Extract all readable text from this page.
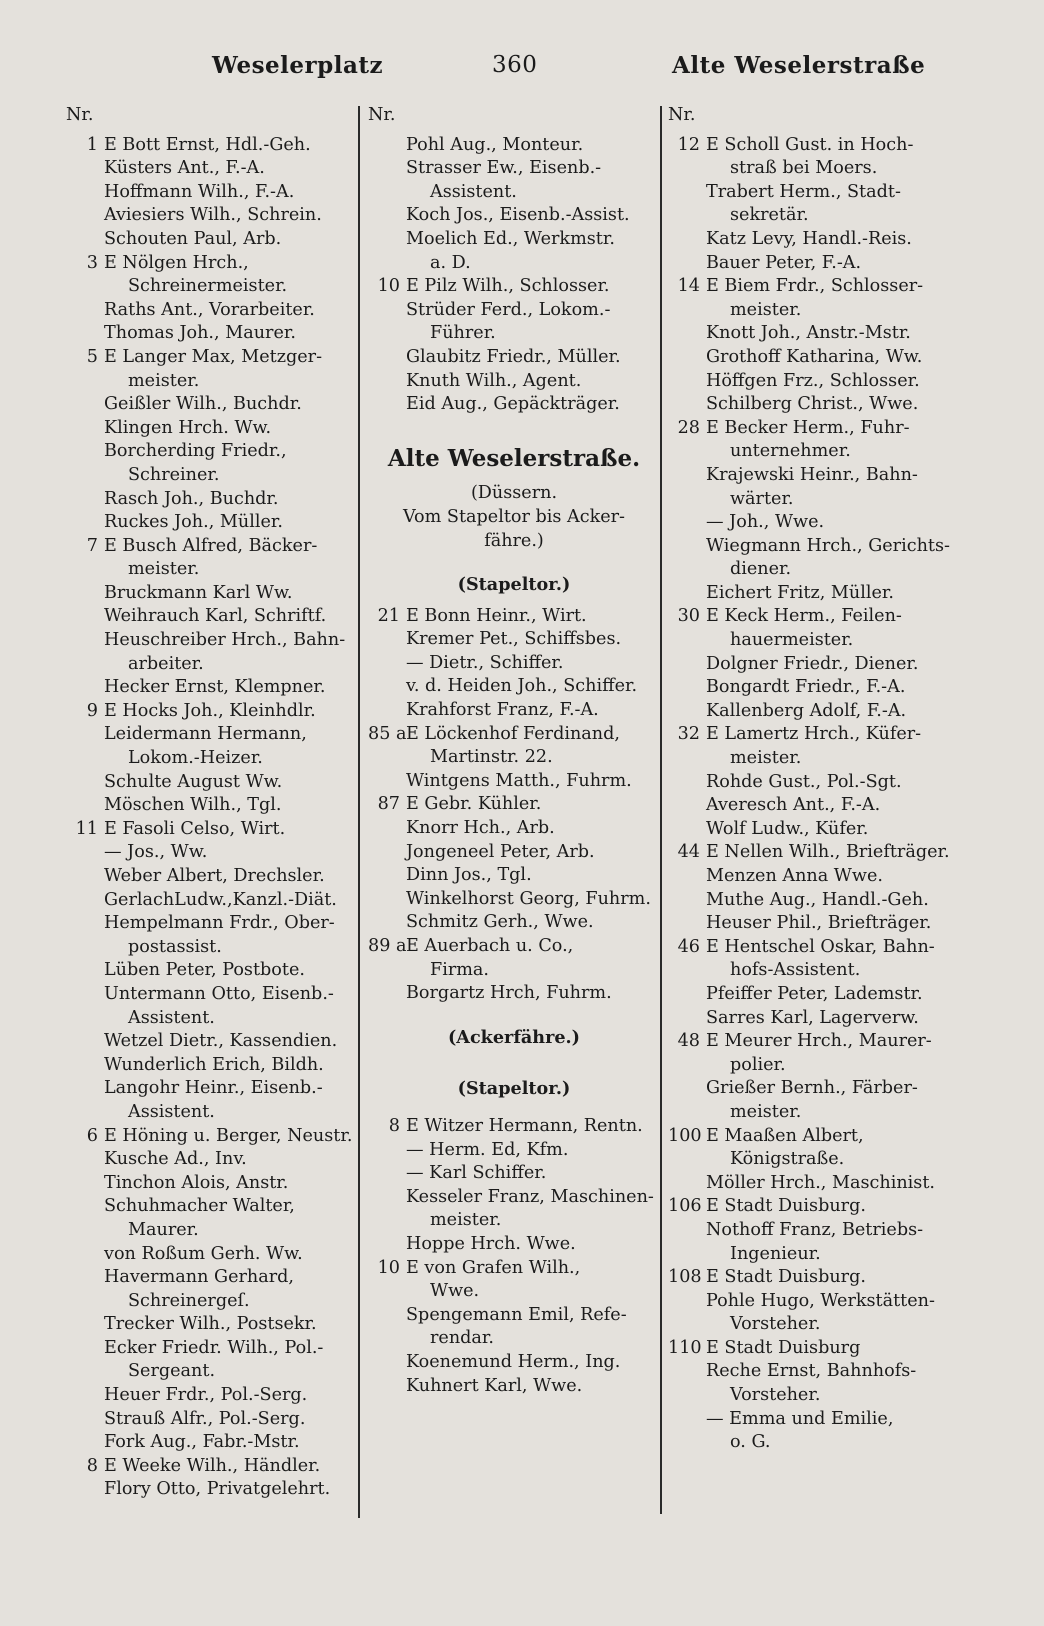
Weselerplatz	360	Alte Weselerstraße
Nr.
1 E Bott Ernst, Hdl.-Geh.
Küsters Ant., F.-A.
Hoffmann Wilh., F.-A.
Aviesiers Wilh., Schrein.
Schouten Paul, Arb.
3 E Nölgen Hrch.,
Schreinermeister.
Raths Ant., Vorarbeiter.
Thomas Joh., Maurer.
5 E Langer Max, Metzger-
meister.
Geißler Wilh., Buchdr.
Klingen Hrch. Ww.
Borcherding Friedr.,
Schreiner.
Rasch Joh., Buchdr.
Ruckes Joh., Müller.
7 E Busch Alfred, Bäcker-
meister.
Bruckmann Karl Ww.
Weihrauch Karl, Schriftf.
Heuschreiber Hrch., Bahn-
arbeiter.
Hecker Ernst, Klempner.
9 E Hocks Joh., Kleinhdlr.
Leidermann Hermann,
Lokom.-Heizer.
Schulte August Ww.
Möschen Wilh., Tgl.
11 E Fasoli Celso, Wirt.
— Jos., Ww.
Weber Albert, Drechsler.
GerlachLudw.,Kanzl.-Diät.
Hempelmann Frdr., Ober-
postassist.
Lüben Peter, Postbote.
Untermann Otto, Eisenb.-
Assistent.
Wetzel Dietr., Kassendien.
Wunderlich Erich, Bildh.
Langohr Heinr., Eisenb.-
Assistent.
6 E Höning u. Berger, Neustr.
Kusche Ad., Inv.
Tinchon Alois, Anstr.
Schuhmacher Walter,
Maurer.
von Roßum Gerh. Ww.
Havermann Gerhard,
Schreinergeſ.
Trecker Wilh., Postsekr.
Ecker Friedr. Wilh., Pol.-
Sergeant.
Heuer Frdr., Pol.-Serg.
Strauß Alfr., Pol.-Serg.
Fork Aug., Fabr.-Mstr.
8 E Weeke Wilh., Händler.
Flory Otto, Privatgelehrt.
Nr.
Pohl Aug., Monteur.
Strasser Ew., Eisenb.-
Assistent.
Koch Jos., Eisenb.-Assist.
Moelich Ed., Werkmstr.
a. D.
10 E Pilz Wilh., Schlosser.
Strüder Ferd., Lokom.-
Führer.
Glaubitz Friedr., Müller.
Knuth Wilh., Agent.
Eid Aug., Gepäckträger.
Alte Weselerstraße.
(Düssern.
Vom Stapeltor bis Acker-
fähre.)
(Stapeltor.)
21 E Bonn Heinr., Wirt.
Kremer Pet., Schiffsbes.
— Dietr., Schiffer.
v. d. Heiden Joh., Schiffer.
Krahforst Franz, F.-A.
85 aE Löckenhof Ferdinand,
Martinstr. 22.
Wintgens Matth., Fuhrm.
87 E Gebr. Kühler.
Knorr Hch., Arb.
Jongeneel Peter, Arb.
Dinn Jos., Tgl.
Winkelhorst Georg, Fuhrm.
Schmitz Gerh., Wwe.
89 aE Auerbach u. Co.,
Firma.
Borgartz Hrch, Fuhrm.
(Ackerfähre.)
(Stapeltor.)
8 E Witzer Hermann, Rentn.
— Herm. Ed, Kfm.
— Karl Schiffer.
Kesseler Franz, Maschinen-
meister.
Hoppe Hrch. Wwe.
10 E von Grafen Wilh.,
Wwe.
Spengemann Emil, Refe-
rendar.
Koenemund Herm., Ing.
Kuhnert Karl, Wwe.
Nr.
12 E Scholl Gust. in Hoch-
straß bei Moers.
Trabert Herm., Stadt-
sekretär.
Katz Levy, Handl.-Reis.
Bauer Peter, F.-A.
14 E Biem Frdr., Schlosser-
meister.
Knott Joh., Anstr.-Mstr.
Grothoff Katharina, Ww.
Höffgen Frz., Schlosser.
Schilberg Christ., Wwe.
28 E Becker Herm., Fuhr-
unternehmer.
Krajewski Heinr., Bahn-
wärter.
— Joh., Wwe.
Wiegmann Hrch., Gerichts-
diener.
Eichert Fritz, Müller.
30 E Keck Herm., Feilen-
hauermeister.
Dolgner Friedr., Diener.
Bongardt Friedr., F.-A.
Kallenberg Adolf, F.-A.
32 E Lamertz Hrch., Küfer-
meister.
Rohde Gust., Pol.-Sgt.
Averesch Ant., F.-A.
Wolf Ludw., Küfer.
44 E Nellen Wilh., Briefträger.
Menzen Anna Wwe.
Muthe Aug., Handl.-Geh.
Heuser Phil., Briefträger.
46 E Hentschel Oskar, Bahn-
hofs-Assistent.
Pfeiffer Peter, Lademstr.
Sarres Karl, Lagerverw.
48 E Meurer Hrch., Maurer-
polier.
Grießer Bernh., Färber-
meister.
100 E Maaßen Albert,
Königstraße.
Möller Hrch., Maschinist.
106 E Stadt Duisburg.
Nothoff Franz, Betriebs-
Ingenieur.
108 E Stadt Duisburg.
Pohle Hugo, Werkstätten-
Vorsteher.
110 E Stadt Duisburg
Reche Ernst, Bahnhofs-
Vorsteher.
— Emma und Emilie,
o. G.
